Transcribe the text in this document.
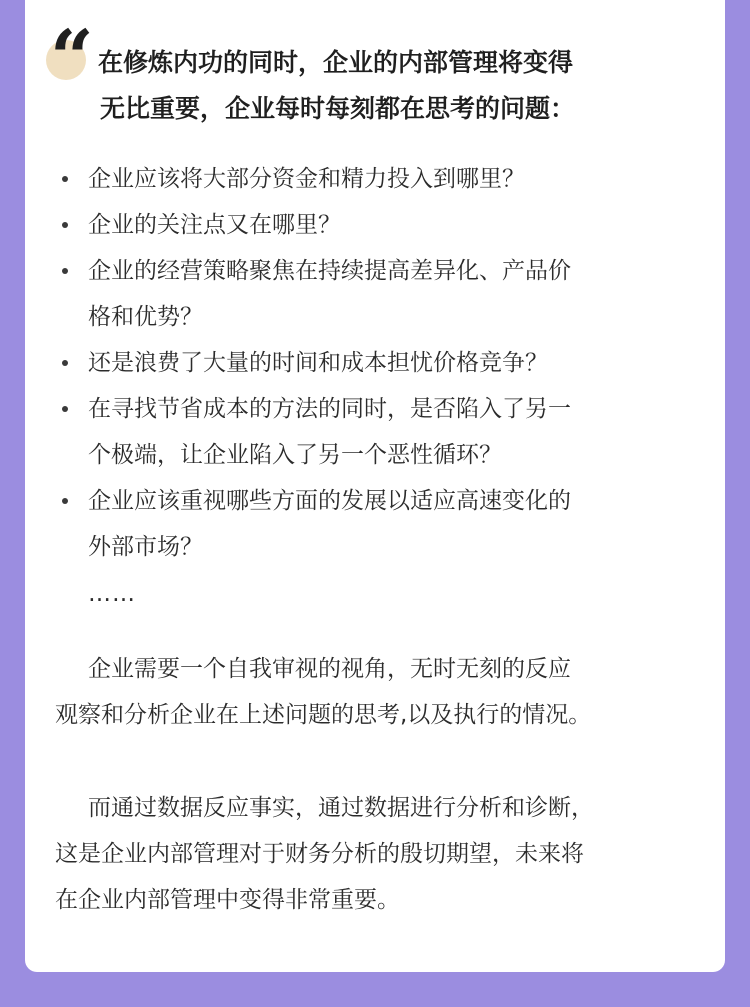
“ 在修炼内功的同时，企业的内部管理将变得
无比重要，企业每时每刻都在思考的问题：
企业应该将大部分资金和精力投入到哪里？
企业的关注点又在哪里？
企业的经营策略聚焦在持续提高差异化、产品价
格和优势？
还是浪费了大量的时间和成本担忧价格竞争？
在寻找节省成本的方法的同时，是否陷入了另一
个极端，让企业陷入了另一个恶性循环？
企业应该重视哪些方面的发展以适应高速变化的
外部市场？
……
企业需要一个自我审视的视角，无时无刻的反应
观察和分析企业在上述问题的思考,以及执行的情况。
而通过数据反应事实，通过数据进行分析和诊断，
这是企业内部管理对于财务分析的殷切期望，未来将
在企业内部管理中变得非常重要。
